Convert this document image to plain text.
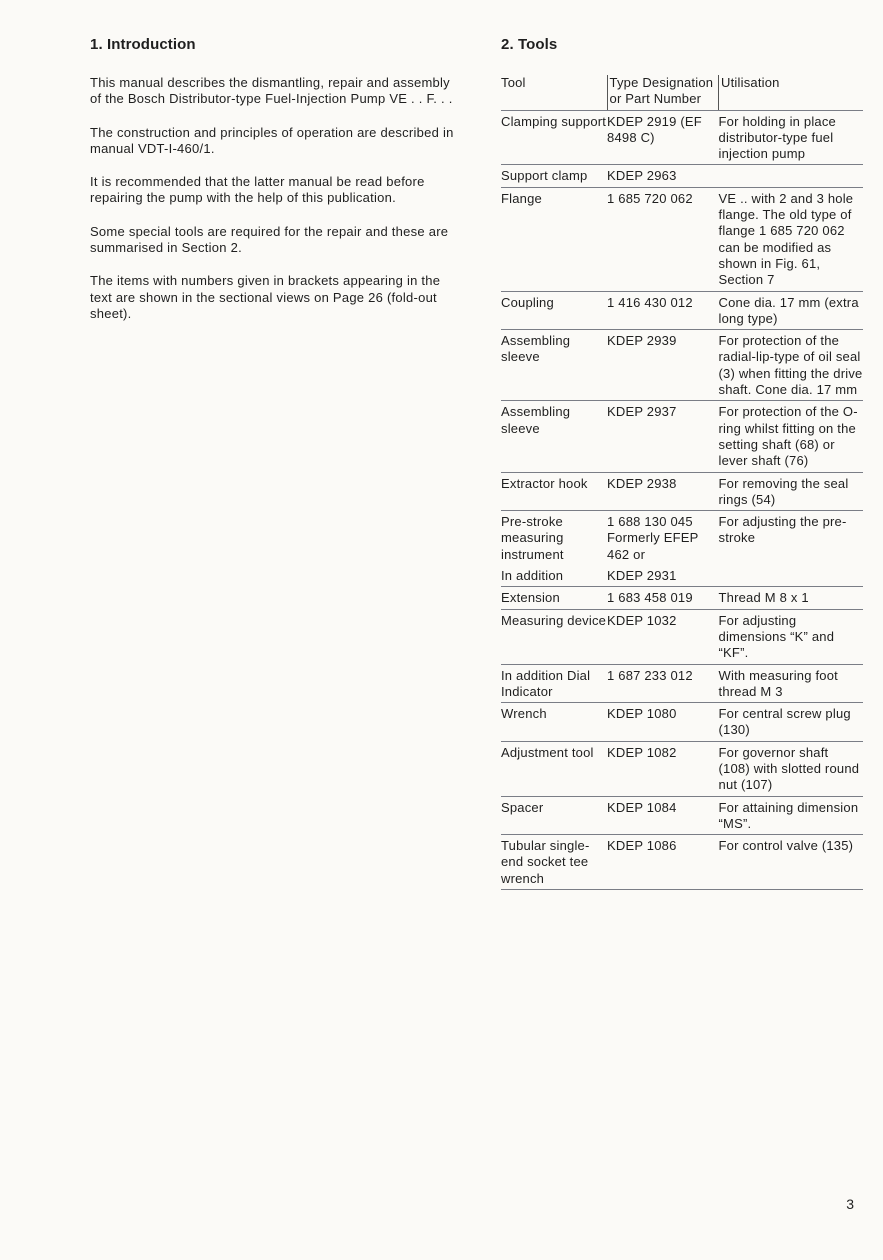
1. Introduction

This manual describes the dismantling, repair and assembly of the Bosch Distributor-type Fuel-Injection Pump VE . . F. . .

The construction and principles of operation are described in manual VDT-I-460/1.

It is recommended that the latter manual be read before repairing the pump with the help of this publication.

Some special tools are required for the repair and these are summarised in Section 2.

The items with numbers given in brackets appearing in the text are shown in the sectional views on Page 26 (fold-out sheet).

2. Tools
Tool	Type Designation or Part Number	Utilisation
Clamping support	KDEP 2919 (EF 8498 C)	For holding in place distributor-type fuel injection pump
Support clamp	KDEP 2963	
Flange	1 685 720 062	VE .. with 2 and 3 hole flange. The old type of flange 1 685 720 062 can be modified as shown in Fig. 61, Section 7
Coupling	1 416 430 012	Cone dia. 17 mm (extra long type)
Assembling sleeve	KDEP 2939	For protection of the radial-lip-type of oil seal (3) when fitting the drive shaft. Cone dia. 17 mm
Assembling sleeve	KDEP 2937	For protection of the O-ring whilst fitting on the setting shaft (68) or lever shaft (76)
Extractor hook	KDEP 2938	For removing the seal rings (54)
Pre-stroke measuring instrument	1 688 130 045 Formerly EFEP 462 or	For adjusting the pre-stroke
In addition	KDEP 2931	
Extension	1 683 458 019	Thread M 8 x 1
Measuring device	KDEP 1032	For adjusting dimensions “K” and “KF”.
In addition Dial Indicator	1 687 233 012	With measuring foot thread M 3
Wrench	KDEP 1080	For central screw plug (130)
Adjustment tool	KDEP 1082	For governor shaft (108) with slotted round nut (107)
Spacer	KDEP 1084	For attaining dimension “MS”.
Tubular single-end socket tee wrench	KDEP 1086	For control valve (135)
3
